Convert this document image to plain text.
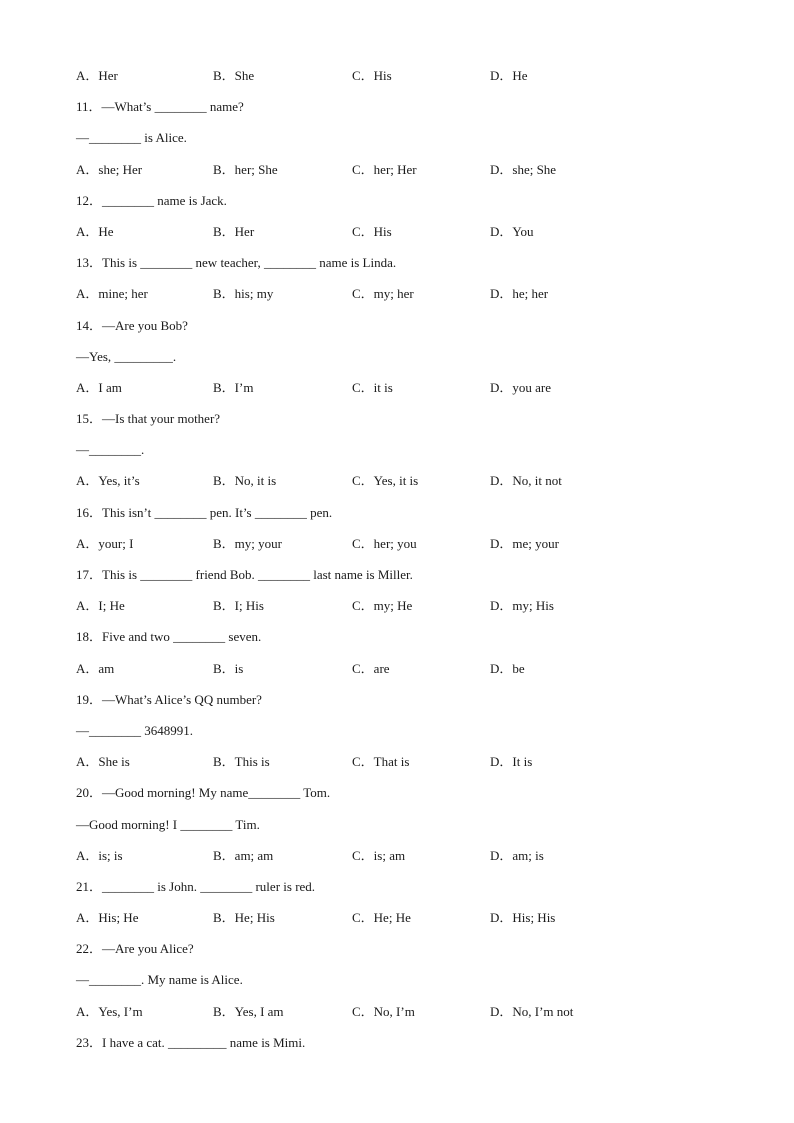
A．Her	B．She	C．His	D．He
11．—What’s ________ name?
—________ is Alice.
A．she; Her	B．her; She	C．her; Her	D．she; She
12．________ name is Jack.
A．He	B．Her	C．His	D．You
13．This is ________ new teacher, ________ name is Linda.
A．mine; her	B．his; my	C．my; her	D．he; her
14．—Are you Bob?
—Yes, _________.
A．I am	B．I’m	C．it is	D．you are
15．—Is that your mother?
—________.
A．Yes, it’s	B．No, it is	C．Yes, it is	D．No, it not
16．This isn’t ________ pen. It’s ________ pen.
A．your; I	B．my; your	C．her; you	D．me; your
17．This is ________ friend Bob. ________ last name is Miller.
A．I; He	B．I; His	C．my; He	D．my; His
18．Five and two ________ seven.
A．am	B．is	C．are	D．be
19．—What’s Alice’s QQ number?
—________ 3648991.
A．She is	B．This is	C．That is	D．It is
20．—Good morning! My name________ Tom.
—Good morning! I ________ Tim.
A．is; is	B．am; am	C．is; am	D．am; is
21．________ is John. ________ ruler is red.
A．His; He	B．He; His	C．He; He	D．His; His
22．—Are you Alice?
—________. My name is Alice.
A．Yes, I’m	B．Yes, I am	C．No, I’m	D．No, I’m not
23．I have a cat. _________ name is Mimi.
